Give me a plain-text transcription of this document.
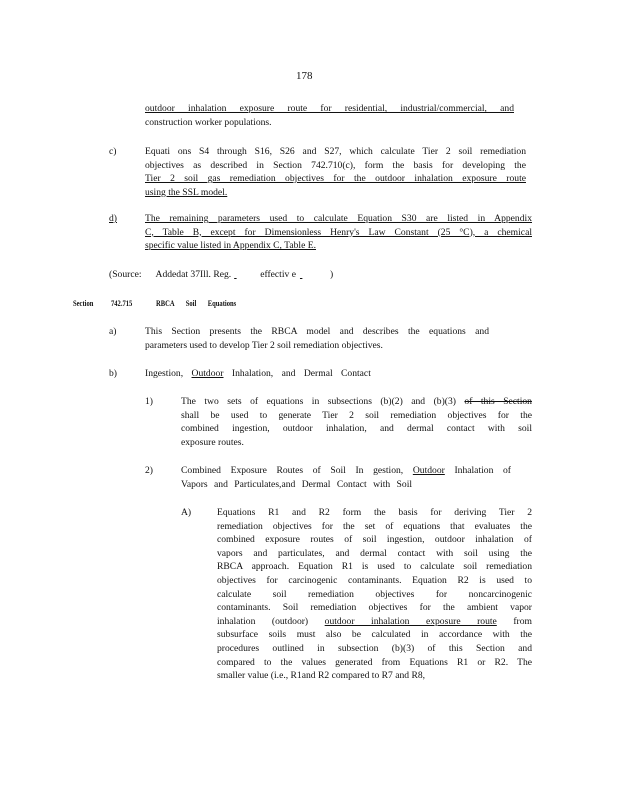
178
outdoor inhalation exposure route for residential, industrial/commercial, and
construction worker populations.
c)	Equati ons S4 through S16, S26 and S27, which calculate Tier 2 soil remediation
objectives as described in Section 742.710(c), form the basis for developing the
Tier 2 soil gas remediation objectives for the outdoor inhalation exposure route
using the SSL model.
d)	The remaining parameters used to calculate Equation S30 are listed in Appendix
C, Table B, except for Dimensionless Henry's Law Constant (25 °C), a chemical
specific value listed in Appendix C, Table E.
(Source: Addedat 37Ill. Reg.	effectiv e	)
Section 742.715	RBCA Soil Equations
a)	This Section presents the RBCA model and describes the equations and
parameters used to develop Tier 2 soil remediation objectives.
b)	Ingestion, Outdoor Inhalation, and Dermal Contact
1)	The two sets of equations in subsections (b)(2) and (b)(3) of this Section
shall be used to generate Tier 2 soil remediation objectives for the
combined ingestion, outdoor inhalation, and dermal contact with soil
exposure routes.
2)	Combined Exposure Routes of Soil In gestion, Outdoor Inhalation of
Vapors and Particulates,and Dermal Contact with Soil
A)	Equations R1 and R2 form the basis for deriving Tier 2
remediation objectives for the set of equations that evaluates the
combined exposure routes of soil ingestion, outdoor inhalation of
vapors and particulates, and dermal contact with soil using the
RBCA approach. Equation R1 is used to calculate soil remediation
objectives for carcinogenic contaminants. Equation R2 is used to
calculate soil remediation objectives for noncarcinogenic
contaminants. Soil remediation objectives for the ambient vapor
inhalation (outdoor) outdoor inhalation exposure route from
subsurface soils must also be calculated in accordance with the
procedures outlined in subsection (b)(3) of this Section and
compared to the values generated from Equations R1 or R2. The
smaller value (i.e., R1and R2 compared to R7 and R8,
